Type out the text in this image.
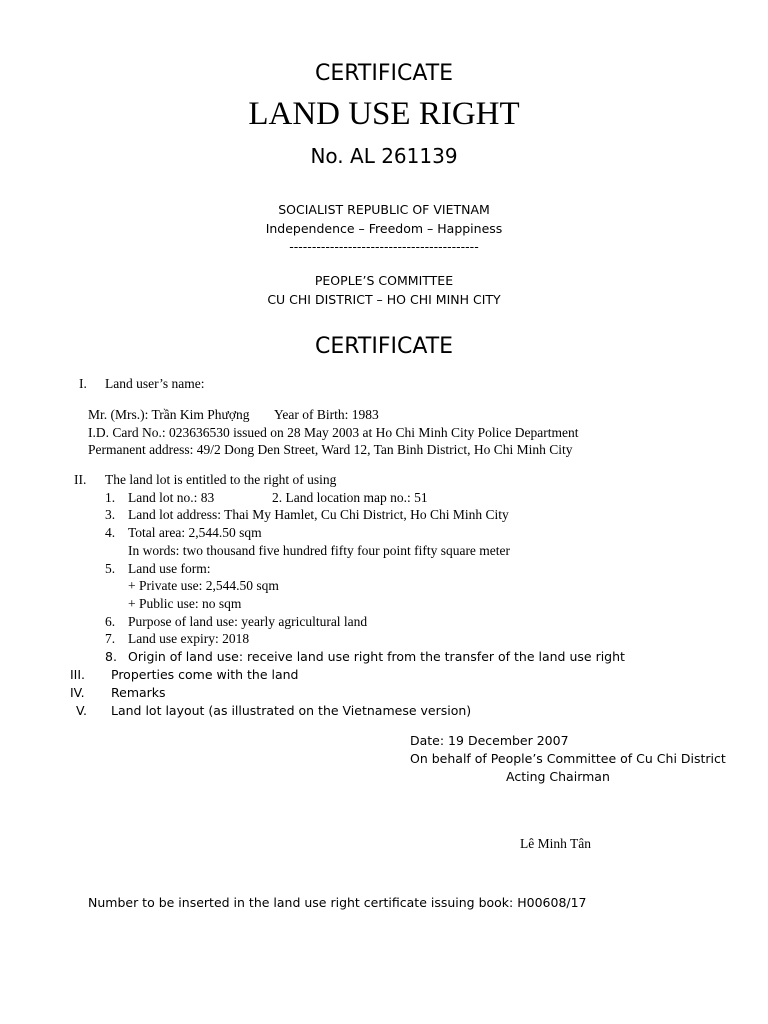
CERTIFICATE
LAND USE RIGHT
No. AL 261139
SOCIALIST REPUBLIC OF VIETNAM
Independence – Freedom – Happiness
------------------------------------------
PEOPLE’S COMMITTEE
CU CHI DISTRICT – HO CHI MINH CITY
CERTIFICATE
I. Land user’s name:
Mr. (Mrs.): Trần Kim Phượng Year of Birth: 1983
I.D. Card No.: 023636530 issued on 28 May 2003 at Ho Chi Minh City Police Department
Permanent address: 49/2 Dong Den Street, Ward 12, Tan Binh District, Ho Chi Minh City
II. The land lot is entitled to the right of using
1. Land lot no.: 83	2. Land location map no.: 51
3. Land lot address: Thai My Hamlet, Cu Chi District, Ho Chi Minh City
4. Total area: 2,544.50 sqm
In words: two thousand five hundred fifty four point fifty square meter
5. Land use form:
+ Private use: 2,544.50 sqm
+ Public use: no sqm
6. Purpose of land use: yearly agricultural land
7. Land use expiry: 2018
8. Origin of land use: receive land use right from the transfer of the land use right
III. Properties come with the land
IV. Remarks
V. Land lot layout (as illustrated on the Vietnamese version)
Date: 19 December 2007
On behalf of People’s Committee of Cu Chi District
Acting Chairman
Lê Minh Tân
Number to be inserted in the land use right certificate issuing book: H00608/17
